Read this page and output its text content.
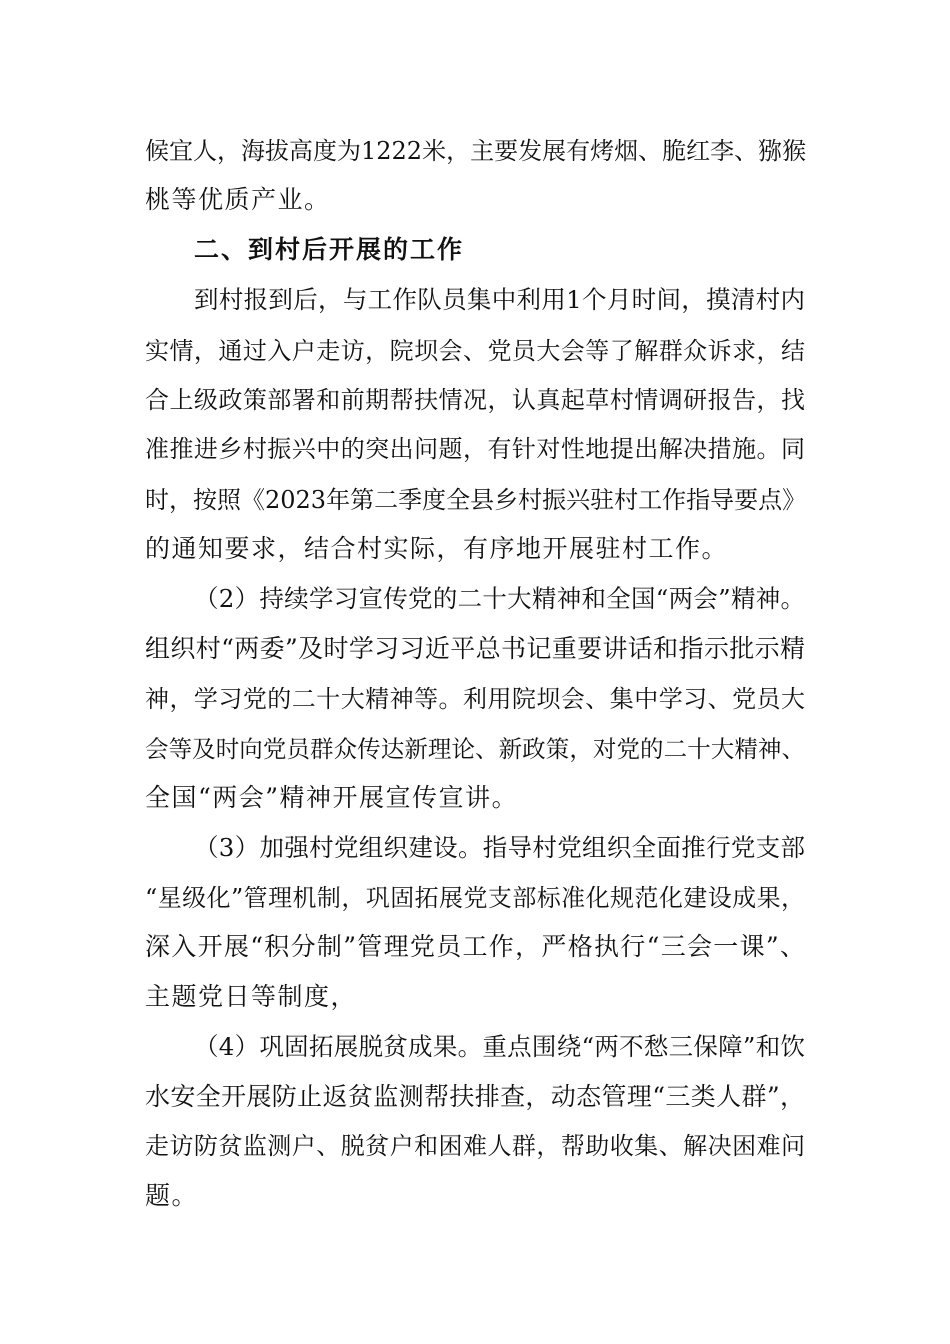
候宜人，海拔高度为1222米，主要发展有烤烟、脆红李、猕猴
桃等优质产业。
二、到村后开展的工作
到村报到后，与工作队员集中利用1个月时间，摸清村内
实情，通过入户走访，院坝会、党员大会等了解群众诉求，结
合上级政策部署和前期帮扶情况，认真起草村情调研报告，找
准推进乡村振兴中的突出问题，有针对性地提出解决措施。同
时，按照《2023年第二季度全县乡村振兴驻村工作指导要点》
的通知要求，结合村实际，有序地开展驻村工作。
（2）持续学习宣传党的二十大精神和全国“两会”精神。
组织村“两委”及时学习习近平总书记重要讲话和指示批示精
神，学习党的二十大精神等。利用院坝会、集中学习、党员大
会等及时向党员群众传达新理论、新政策，对党的二十大精神、
全国“两会”精神开展宣传宣讲。
（3）加强村党组织建设。指导村党组织全面推行党支部
“星级化”管理机制，巩固拓展党支部标准化规范化建设成果，
深入开展“积分制”管理党员工作，严格执行“三会一课”、
主题党日等制度，
（4）巩固拓展脱贫成果。重点围绕“两不愁三保障”和饮
水安全开展防止返贫监测帮扶排查，动态管理“三类人群”，
走访防贫监测户、脱贫户和困难人群，帮助收集、解决困难问
题。
